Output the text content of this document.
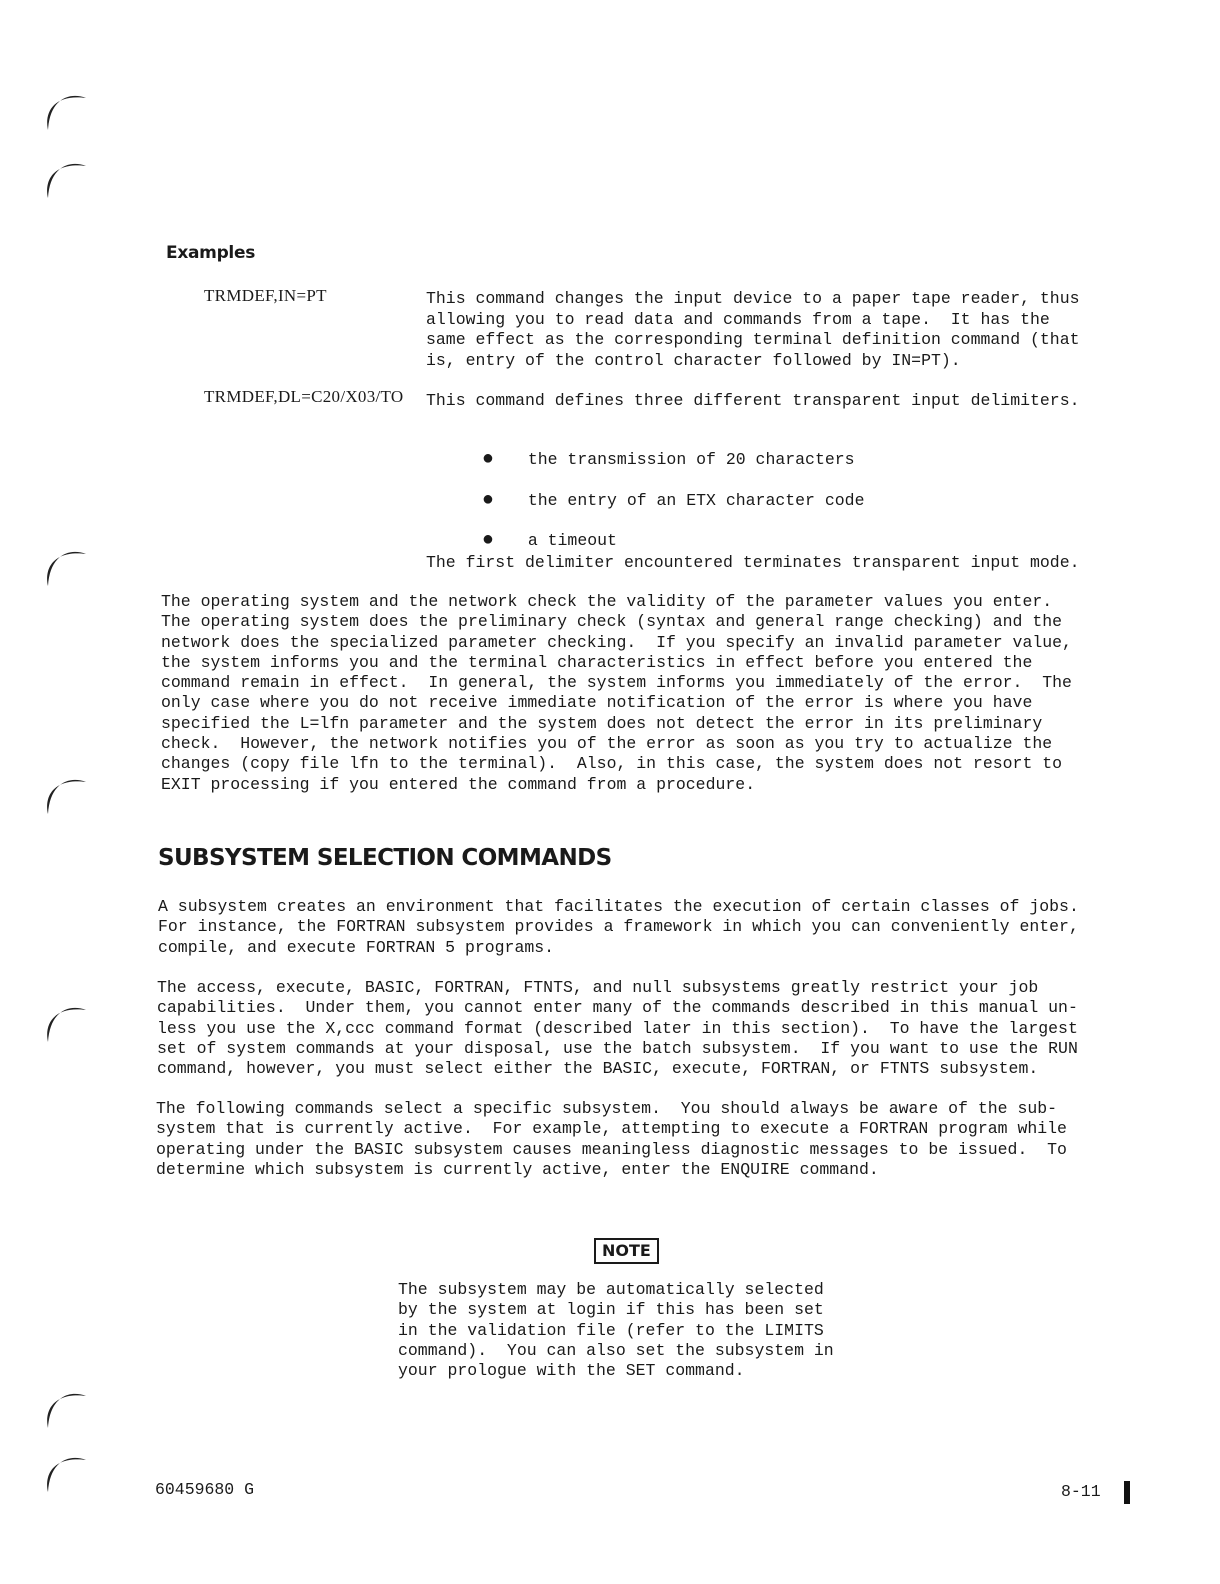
Examples
TRMDEF,IN=PT	This command changes the input device to a paper tape reader, thus
allowing you to read data and commands from a tape.  It has the
same effect as the corresponding terminal definition command (that
is, entry of the control character followed by IN=PT).
TRMDEF,DL=C20/X03/TO This command defines three different transparent input delimiters.

● the transmission of 20 characters

● the entry of an ETX character code

● a timeout

The first delimiter encountered terminates transparent input mode.
The operating system and the network check the validity of the parameter values you enter.
The operating system does the preliminary check (syntax and general range checking) and the
network does the specialized parameter checking.  If you specify an invalid parameter value,
the system informs you and the terminal characteristics in effect before you entered the
command remain in effect.  In general, the system informs you immediately of the error.  The
only case where you do not receive immediate notification of the error is where you have
specified the L=lfn parameter and the system does not detect the error in its preliminary
check.  However, the network notifies you of the error as soon as you try to actualize the
changes (copy file lfn to the terminal).  Also, in this case, the system does not resort to
EXIT processing if you entered the command from a procedure.
SUBSYSTEM SELECTION COMMANDS
A subsystem creates an environment that facilitates the execution of certain classes of jobs.
For instance, the FORTRAN subsystem provides a framework in which you can conveniently enter,
compile, and execute FORTRAN 5 programs.
The access, execute, BASIC, FORTRAN, FTNTS, and null subsystems greatly restrict your job
capabilities.  Under them, you cannot enter many of the commands described in this manual un-
less you use the X,ccc command format (described later in this section).  To have the largest
set of system commands at your disposal, use the batch subsystem.  If you want to use the RUN
command, however, you must select either the BASIC, execute, FORTRAN, or FTNTS subsystem.
The following commands select a specific subsystem.  You should always be aware of the sub-
system that is currently active.  For example, attempting to execute a FORTRAN program while
operating under the BASIC subsystem causes meaningless diagnostic messages to be issued.  To
determine which subsystem is currently active, enter the ENQUIRE command.
NOTE
The subsystem may be automatically selected
by the system at login if this has been set
in the validation file (refer to the LIMITS
command).  You can also set the subsystem in
your prologue with the SET command.
60459680 G	8-11
